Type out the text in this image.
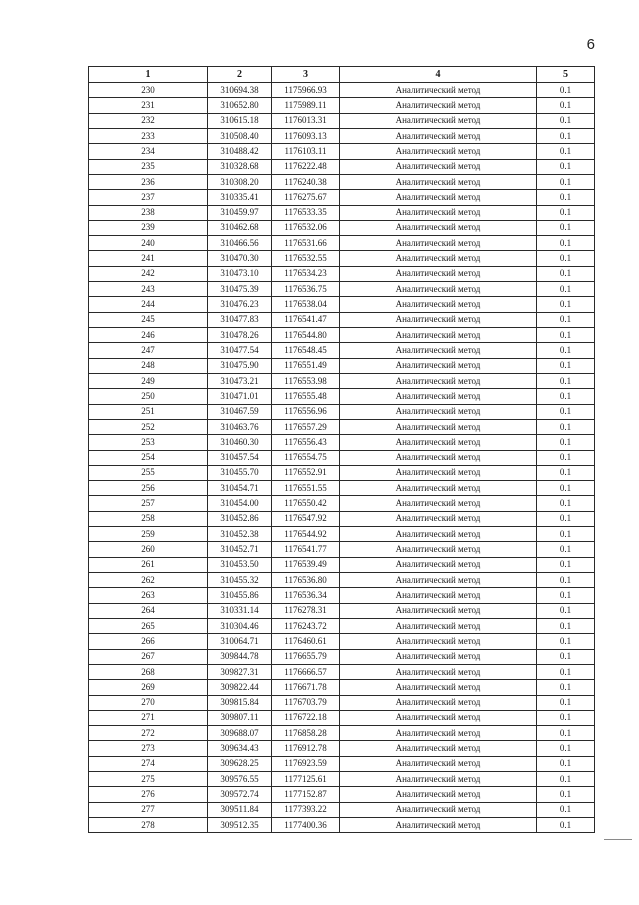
6
1	2	3	4	5
230	310694.38	1175966.93	Аналитический метод	0.1
231	310652.80	1175989.11	Аналитический метод	0.1
232	310615.18	1176013.31	Аналитический метод	0.1
233	310508.40	1176093.13	Аналитический метод	0.1
234	310488.42	1176103.11	Аналитический метод	0.1
235	310328.68	1176222.48	Аналитический метод	0.1
236	310308.20	1176240.38	Аналитический метод	0.1
237	310335.41	1176275.67	Аналитический метод	0.1
238	310459.97	1176533.35	Аналитический метод	0.1
239	310462.68	1176532.06	Аналитический метод	0.1
240	310466.56	1176531.66	Аналитический метод	0.1
241	310470.30	1176532.55	Аналитический метод	0.1
242	310473.10	1176534.23	Аналитический метод	0.1
243	310475.39	1176536.75	Аналитический метод	0.1
244	310476.23	1176538.04	Аналитический метод	0.1
245	310477.83	1176541.47	Аналитический метод	0.1
246	310478.26	1176544.80	Аналитический метод	0.1
247	310477.54	1176548.45	Аналитический метод	0.1
248	310475.90	1176551.49	Аналитический метод	0.1
249	310473.21	1176553.98	Аналитический метод	0.1
250	310471.01	1176555.48	Аналитический метод	0.1
251	310467.59	1176556.96	Аналитический метод	0.1
252	310463.76	1176557.29	Аналитический метод	0.1
253	310460.30	1176556.43	Аналитический метод	0.1
254	310457.54	1176554.75	Аналитический метод	0.1
255	310455.70	1176552.91	Аналитический метод	0.1
256	310454.71	1176551.55	Аналитический метод	0.1
257	310454.00	1176550.42	Аналитический метод	0.1
258	310452.86	1176547.92	Аналитический метод	0.1
259	310452.38	1176544.92	Аналитический метод	0.1
260	310452.71	1176541.77	Аналитический метод	0.1
261	310453.50	1176539.49	Аналитический метод	0.1
262	310455.32	1176536.80	Аналитический метод	0.1
263	310455.86	1176536.34	Аналитический метод	0.1
264	310331.14	1176278.31	Аналитический метод	0.1
265	310304.46	1176243.72	Аналитический метод	0.1
266	310064.71	1176460.61	Аналитический метод	0.1
267	309844.78	1176655.79	Аналитический метод	0.1
268	309827.31	1176666.57	Аналитический метод	0.1
269	309822.44	1176671.78	Аналитический метод	0.1
270	309815.84	1176703.79	Аналитический метод	0.1
271	309807.11	1176722.18	Аналитический метод	0.1
272	309688.07	1176858.28	Аналитический метод	0.1
273	309634.43	1176912.78	Аналитический метод	0.1
274	309628.25	1176923.59	Аналитический метод	0.1
275	309576.55	1177125.61	Аналитический метод	0.1
276	309572.74	1177152.87	Аналитический метод	0.1
277	309511.84	1177393.22	Аналитический метод	0.1
278	309512.35	1177400.36	Аналитический метод	0.1
